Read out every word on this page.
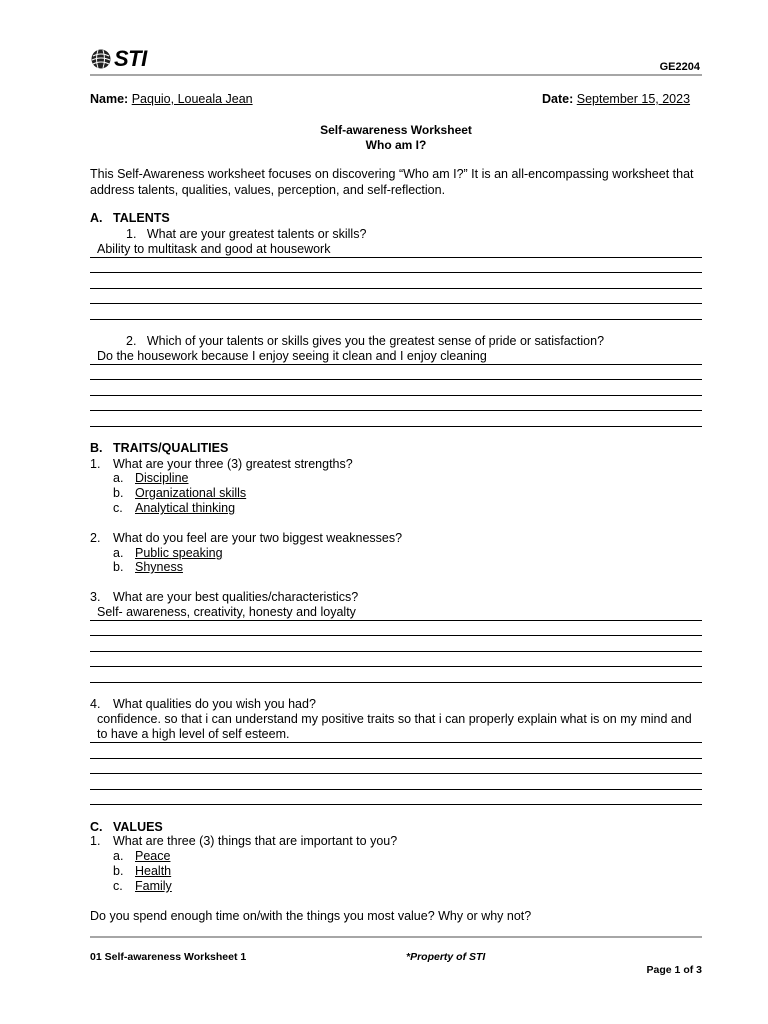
STI	GE2204
Name: Paquio, Loueala Jean	Date: September 15, 2023
Self-awareness Worksheet
Who am I?
This Self-Awareness worksheet focuses on discovering “Who am I?” It is an all-encompassing worksheet that address talents, qualities, values, perception, and self-reflection.
A. TALENTS
1. What are your greatest talents or skills?
Ability to multitask and good at housework
2. Which of your talents or skills gives you the greatest sense of pride or satisfaction?
Do the housework because I enjoy seeing it clean and I enjoy cleaning
B. TRAITS/QUALITIES
1. What are your three (3) greatest strengths?
a. Discipline
b. Organizational skills
c. Analytical thinking
2. What do you feel are your two biggest weaknesses?
a. Public speaking
b. Shyness
3. What are your best qualities/characteristics?
Self- awareness, creativity, honesty and loyalty
4. What qualities do you wish you had?
confidence. so that i can understand my positive traits so that i can properly explain what is on my mind and
to have a high level of self esteem.
C. VALUES
1. What are three (3) things that are important to you?
a. Peace
b. Health
c. Family
Do you spend enough time on/with the things you most value? Why or why not?
01 Self-awareness Worksheet 1	*Property of STI
Page 1 of 3
